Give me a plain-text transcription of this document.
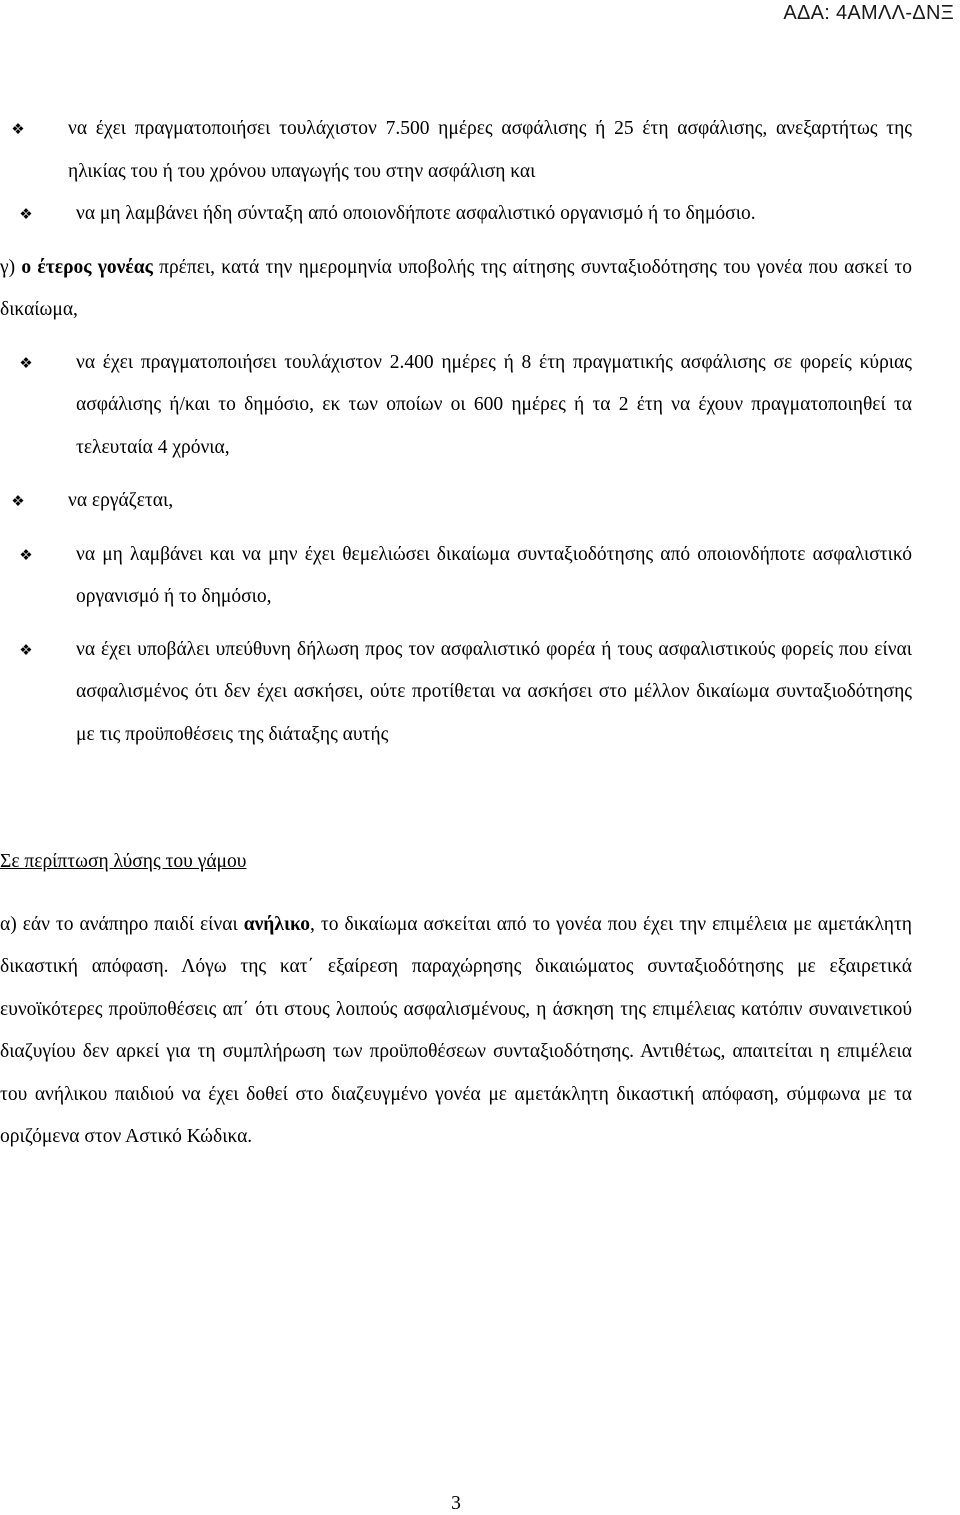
ΑΔΑ: 4ΑΜΛΛ-ΔΝΞ
❖ να έχει πραγματοποιήσει τουλάχιστον 7.500 ημέρες ασφάλισης ή 25 έτη ασφάλισης, ανεξαρτήτως της ηλικίας του ή του χρόνου υπαγωγής του στην ασφάλιση και
❖ να μη λαμβάνει ήδη σύνταξη από οποιονδήποτε ασφαλιστικό οργανισμό ή το δημόσιο.

γ) ο έτερος γονέας πρέπει, κατά την ημερομηνία υποβολής της αίτησης συνταξιοδότησης του γονέα που ασκεί το δικαίωμα,

❖ να έχει πραγματοποιήσει τουλάχιστον 2.400 ημέρες ή 8 έτη πραγματικής ασφάλισης σε φορείς κύριας ασφάλισης ή/και το δημόσιο, εκ των οποίων οι 600 ημέρες ή τα 2 έτη να έχουν πραγματοποιηθεί τα τελευταία 4 χρόνια,
❖ να εργάζεται,
❖ να μη λαμβάνει και να μην έχει θεμελιώσει δικαίωμα συνταξιοδότησης από οποιονδήποτε ασφαλιστικό οργανισμό ή το δημόσιο,
❖ να έχει υποβάλει υπεύθυνη δήλωση προς τον ασφαλιστικό φορέα ή τους ασφαλιστικούς φορείς που είναι ασφαλισμένος ότι δεν έχει ασκήσει, ούτε προτίθεται να ασκήσει στο μέλλον δικαίωμα συνταξιοδότησης με τις προϋποθέσεις της διάταξης αυτής

Σε περίπτωση λύσης του γάμου

α) εάν το ανάπηρο παιδί είναι ανήλικο, το δικαίωμα ασκείται από το γονέα που έχει την επιμέλεια με αμετάκλητη δικαστική απόφαση. Λόγω της κατ΄ εξαίρεση παραχώρησης δικαιώματος συνταξιοδότησης με εξαιρετικά ευνοϊκότερες προϋποθέσεις απ΄ ότι στους λοιπούς ασφαλισμένους, η άσκηση της επιμέλειας κατόπιν συναινετικού διαζυγίου δεν αρκεί για τη συμπλήρωση των προϋποθέσεων συνταξιοδότησης. Αντιθέτως, απαιτείται η επιμέλεια του ανήλικου παιδιού να έχει δοθεί στο διαζευγμένο γονέα με αμετάκλητη δικαστική απόφαση, σύμφωνα με τα οριζόμενα στον Αστικό Κώδικα.

3
